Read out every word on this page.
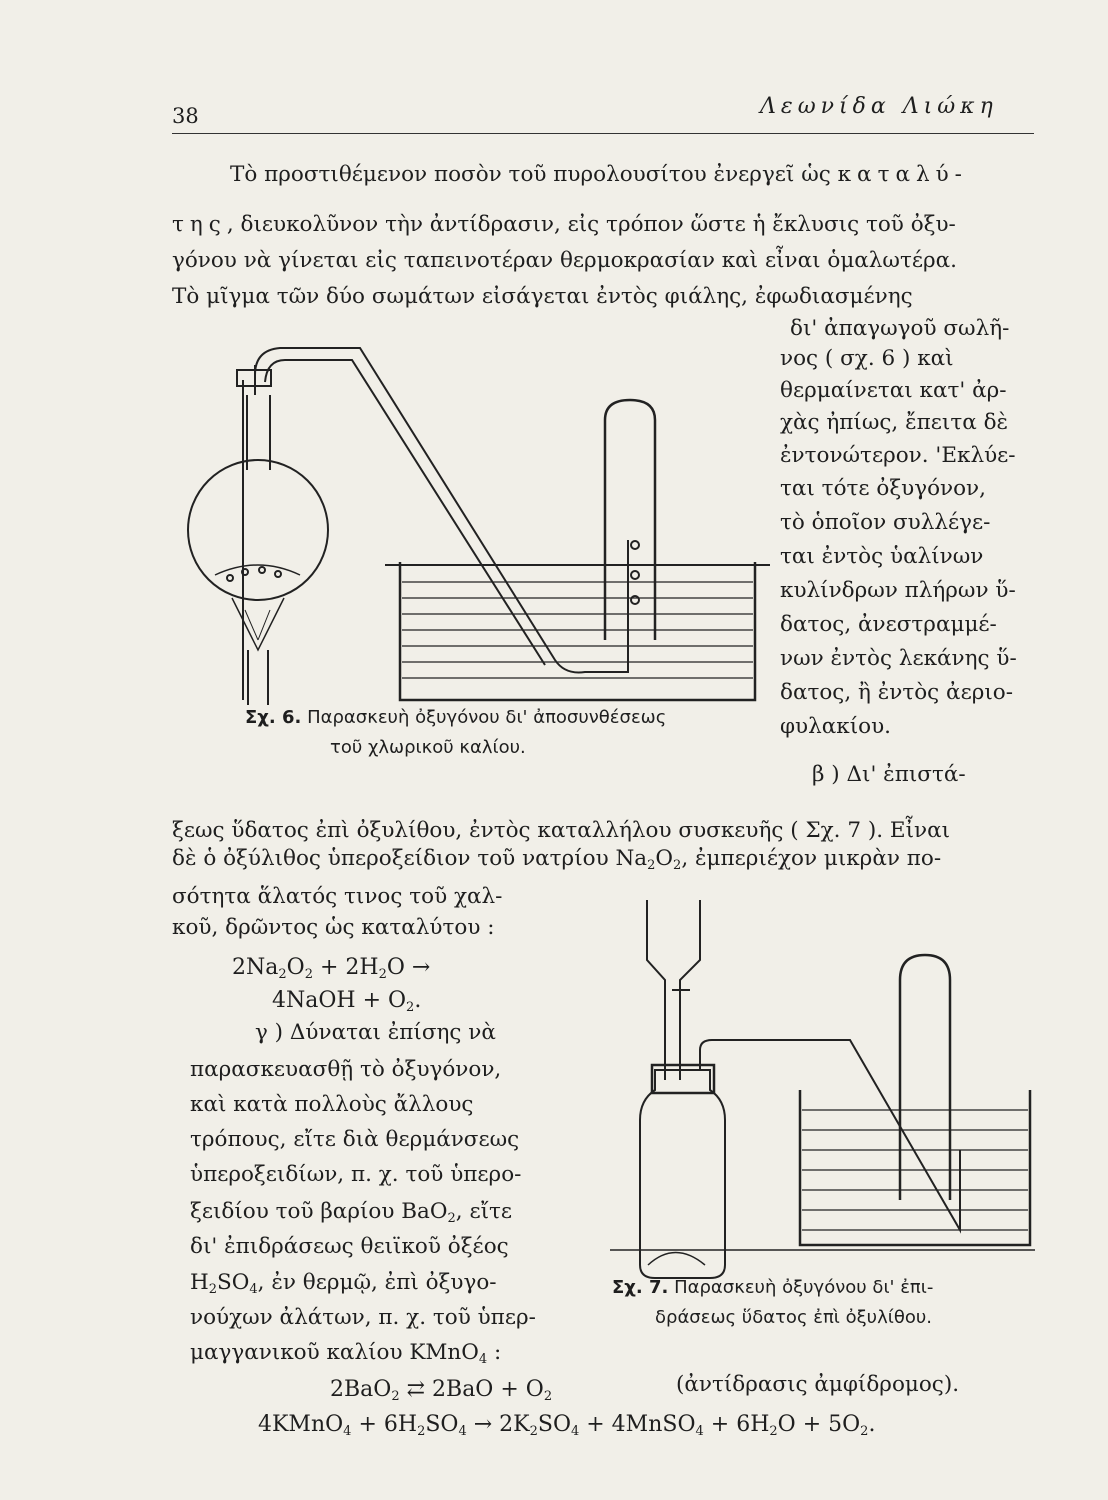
38	Λεωνίδα Λιώκη
Τὸ προστιθέμενον ποσὸν τοῦ πυρολουσίτου ἐνεργεῖ ὡς καταλύ-
της, διευκολῦνον τὴν ἀντίδρασιν, εἰς τρόπον ὥστε ἡ ἔκλυσις τοῦ ὀξυ-
γόνου νὰ γίνεται εἰς ταπεινοτέραν θερμοκρασίαν καὶ εἶναι ὁμαλωτέρα.
Τὸ μῖγμα τῶν δύο σωμάτων εἰσάγεται ἐντὸς φιάλης, ἐφωδιασμένης
δι' ἀπαγωγοῦ σωλῆ-
νος ( σχ. 6 ) καὶ
θερμαίνεται κατ' ἀρ-
χὰς ἠπίως, ἔπειτα δὲ
ἐντονώτερον. 'Εκλύε-
ται τότε ὀξυγόνον,
τὸ ὁποῖον συλλέγε-
ται ἐντὸς ὑαλίνων
κυλίνδρων πλήρων ὕ-
δατος, ἀνεστραμμέ-
νων ἐντὸς λεκάνης ὕ-
δατος, ἢ ἐντὸς ἀεριο-
φυλακίου.
Σχ. 6. Παρασκευὴ ὀξυγόνου δι' ἀποσυνθέσεως
τοῦ χλωρικοῦ καλίου.
β ) Δι' ἐπιστά-
ξεως ὕδατος ἐπὶ ὀξυλίθου, ἐντὸς καταλλήλου συσκευῆς ( Σχ. 7 ). Εἶναι
δὲ ὁ ὀξύλιθος ὑπεροξείδιον τοῦ νατρίου $Na_2O_2$, ἐμπεριέχον μικρὰν πο-
σότητα ἅλατός τινος τοῦ χαλ-
κοῦ, δρῶντος ὡς καταλύτου :
$2Na_2O_2 + 2H_2O$ →
4NaOH + $O_2$.
γ ) Δύναται ἐπίσης νὰ
παρασκευασθῇ τὸ ὀξυγόνον,
καὶ κατὰ πολλοὺς ἄλλους
τρόπους, εἴτε διὰ θερμάνσεως
ὑπεροξειδίων, π. χ. τοῦ ὑπερο-
ξειδίου τοῦ βαρίου BaO$_2$, εἴτε
δι' ἐπιδράσεως θειϊκοῦ ὀξέος
$H_2SO_4$, ἐν θερμῷ, ἐπὶ ὀξυγο-
νούχων ἀλάτων, π. χ. τοῦ ὑπερ-
μαγγανικοῦ καλίου KMnO$_4$ :
Σχ. 7. Παρασκευὴ ὀξυγόνου δι' ἐπι-
δράσεως ὕδατος ἐπὶ ὀξυλίθου.
2BaO$_2$ ⇄ $2BaO + O_2$	(ἀντίδρασις ἀμφίδρομος).
4KMnO$_4$ + $6H_2SO_4 \to 2K_2SO_4$ + 4MnSO$_4$ + $6H_2O + 5O_2$.
